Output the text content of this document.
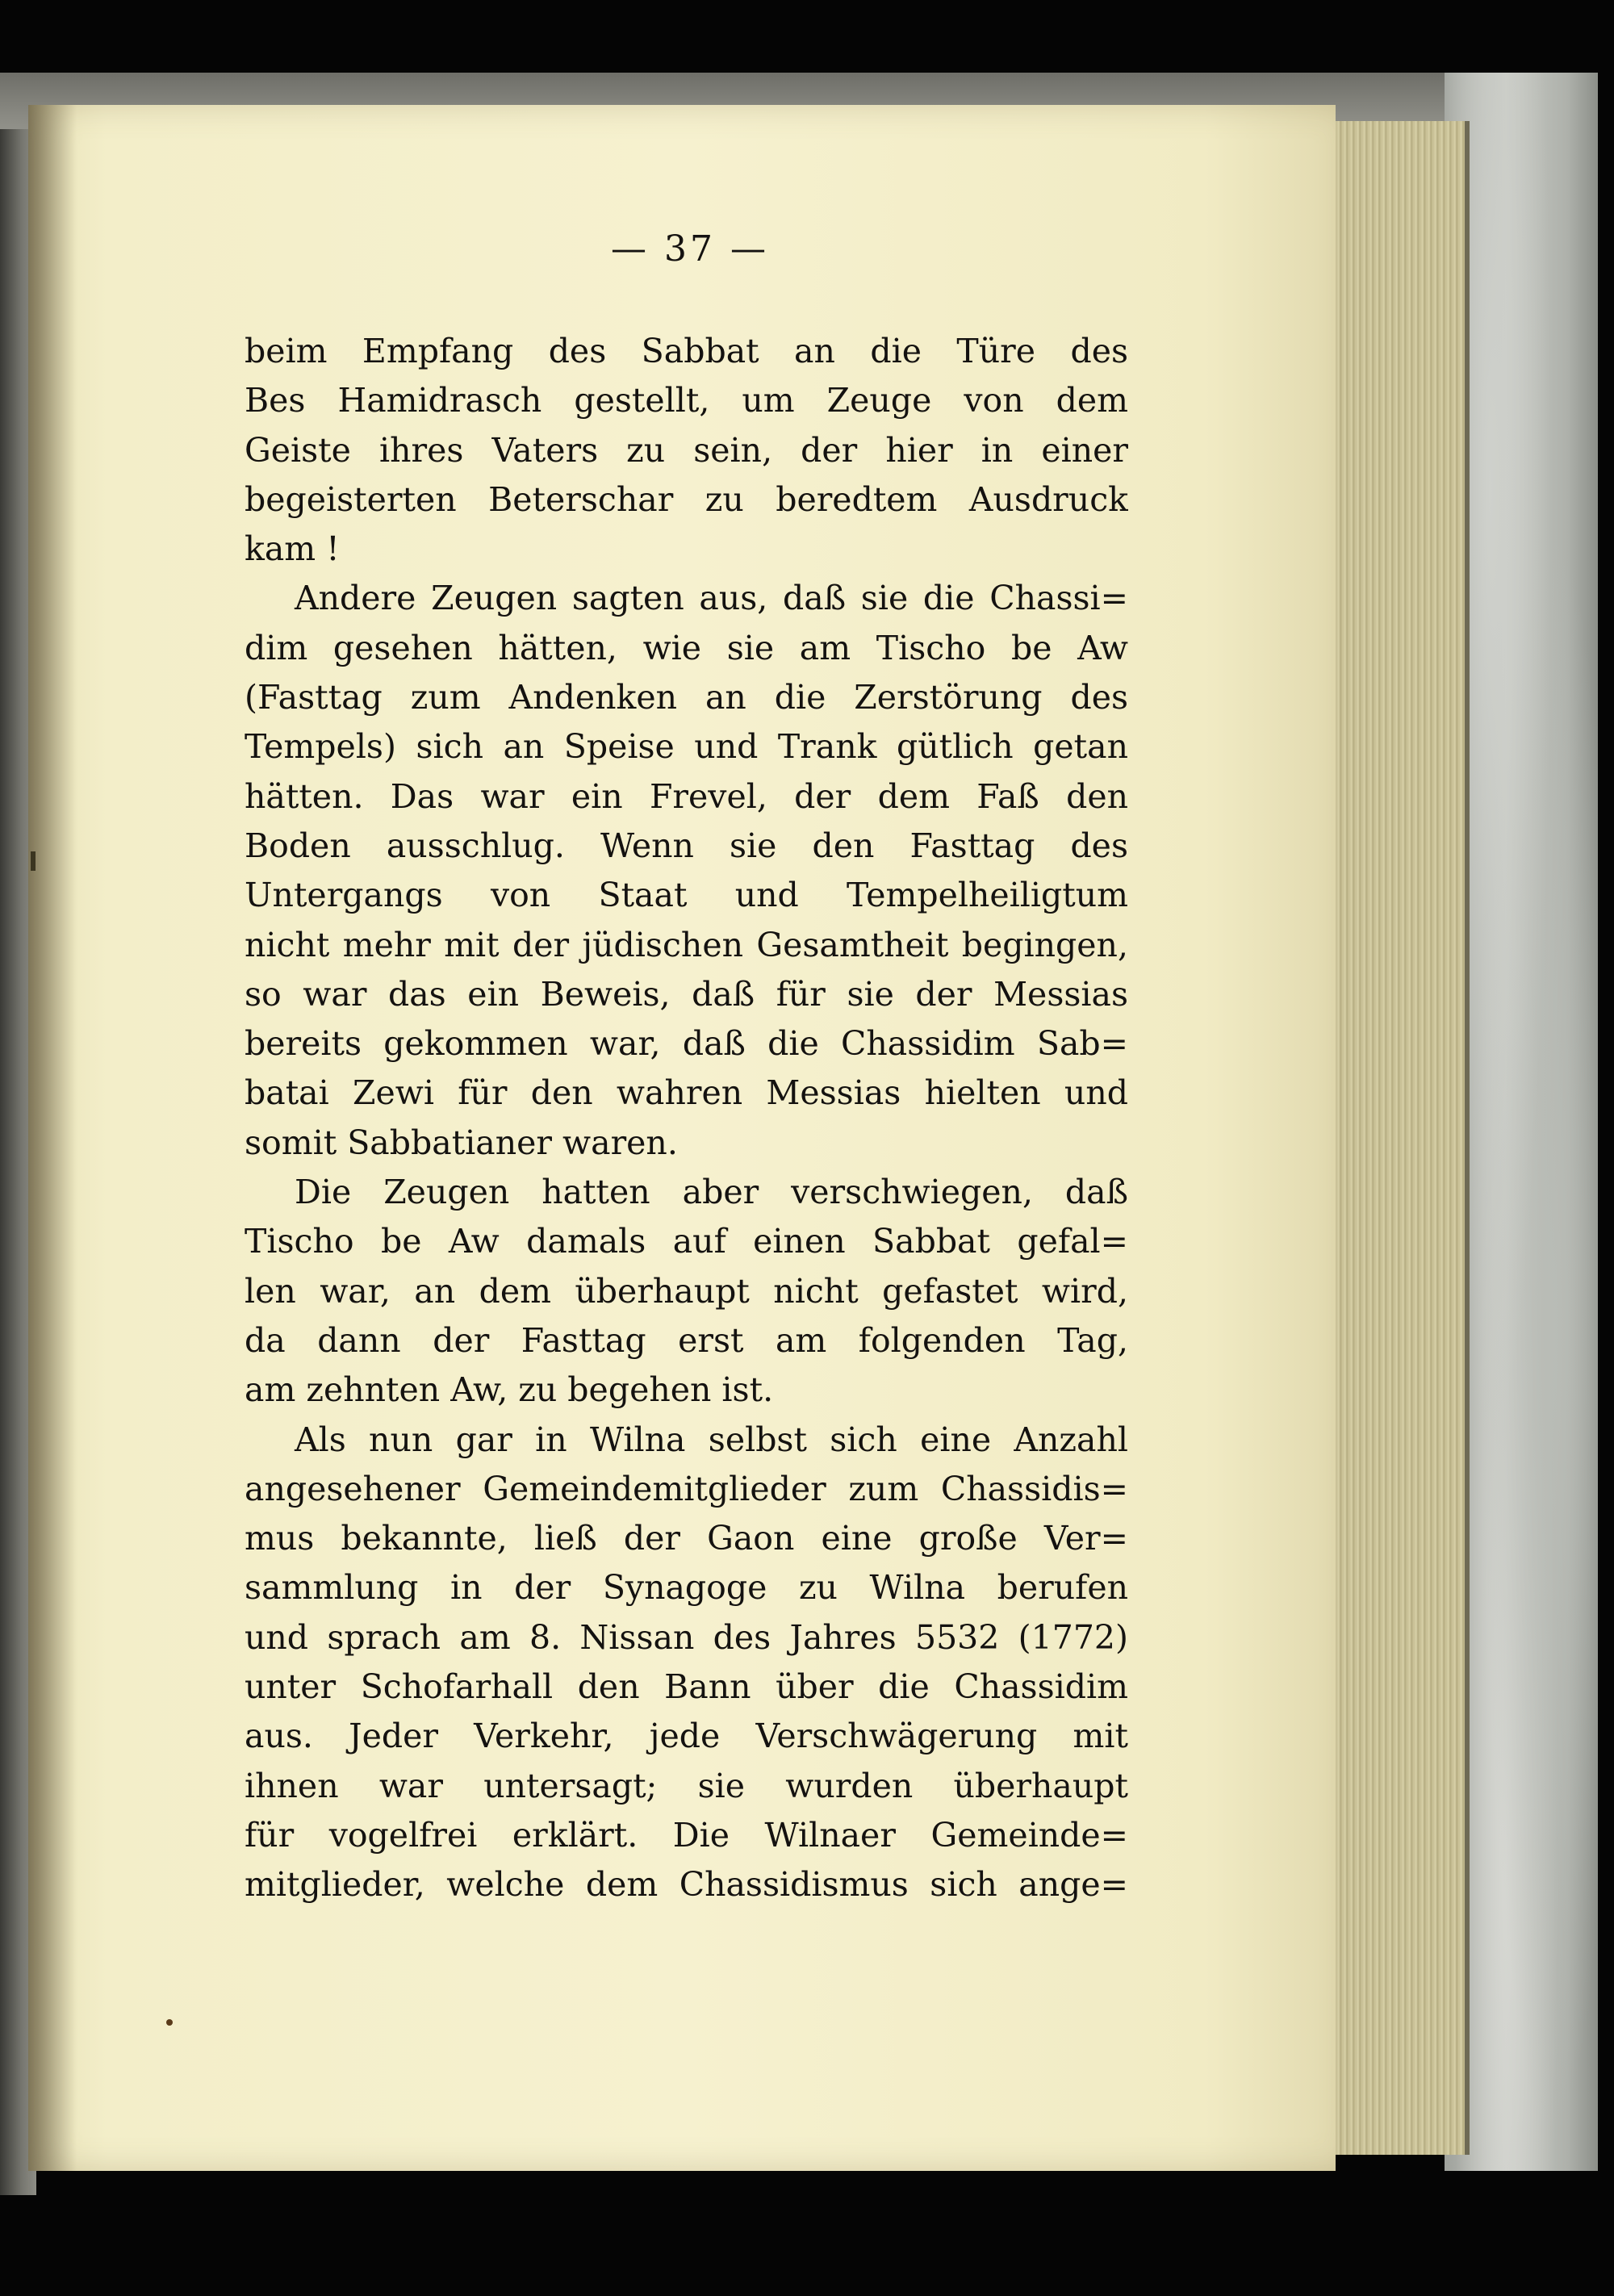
— 37 —
beim Empfang des Sabbat an die Türe des
Bes Hamidrasch gestellt, um Zeuge von dem
Geiste ihres Vaters zu sein, der hier in einer
begeisterten Beterschar zu beredtem Ausdruck
kam !
Andere Zeugen sagten aus, daß sie die Chassi=
dim gesehen hätten, wie sie am Tischo be Aw
(Fasttag zum Andenken an die Zerstörung des
Tempels) sich an Speise und Trank gütlich getan
hätten. Das war ein Frevel, der dem Faß den
Boden ausschlug. Wenn sie den Fasttag des
Untergangs von Staat und Tempelheiligtum
nicht mehr mit der jüdischen Gesamtheit begingen,
so war das ein Beweis, daß für sie der Messias
bereits gekommen war, daß die Chassidim Sab=
batai Zewi für den wahren Messias hielten und
somit Sabbatianer waren.
Die Zeugen hatten aber verschwiegen, daß
Tischo be Aw damals auf einen Sabbat gefal=
len war, an dem überhaupt nicht gefastet wird,
da dann der Fasttag erst am folgenden Tag,
am zehnten Aw, zu begehen ist.
Als nun gar in Wilna selbst sich eine Anzahl
angesehener Gemeindemitglieder zum Chassidis=
mus bekannte, ließ der Gaon eine große Ver=
sammlung in der Synagoge zu Wilna berufen
und sprach am 8. Nissan des Jahres 5532 (1772)
unter Schofarhall den Bann über die Chassidim
aus. Jeder Verkehr, jede Verschwägerung mit
ihnen war untersagt; sie wurden überhaupt
für vogelfrei erklärt. Die Wilnaer Gemeinde=
mitglieder, welche dem Chassidismus sich ange=
